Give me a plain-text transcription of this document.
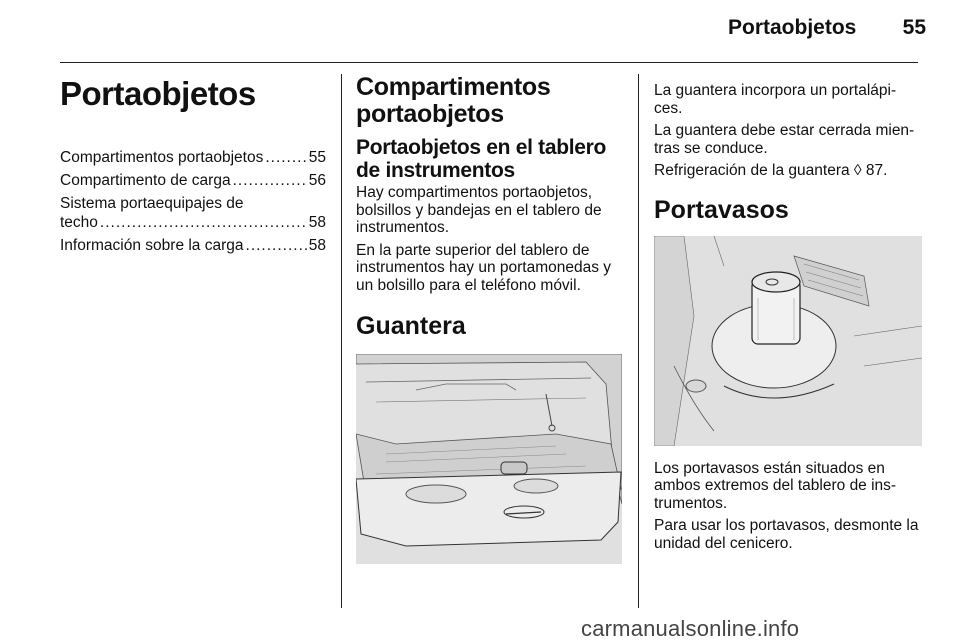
Portaobjetos	55
Portaobjetos
Compartimentos portaobjetos .....	55
Compartimento de carga .....	56
Sistema portaequipajes de
techo .....	58
Información sobre la carga .....	58
Compartimentos portaobjetos
Portaobjetos en el tablero de instrumentos

Hay compartimentos portaobjetos, bolsillos y bandejas en el tablero de instrumentos.

En la parte superior del tablero de instrumentos hay un portamonedas y un bolsillo para el teléfono móvil.

Guantera

La guantera incorpora un portalápi-ces.

La guantera debe estar cerrada mien-tras se conduce.

Refrigeración de la guantera ◊ 87.

Portavasos

Los portavasos están situados en ambos extremos del tablero de ins-trumentos.

Para usar los portavasos, desmonte la unidad del cenicero.

carmanualsonline.info
